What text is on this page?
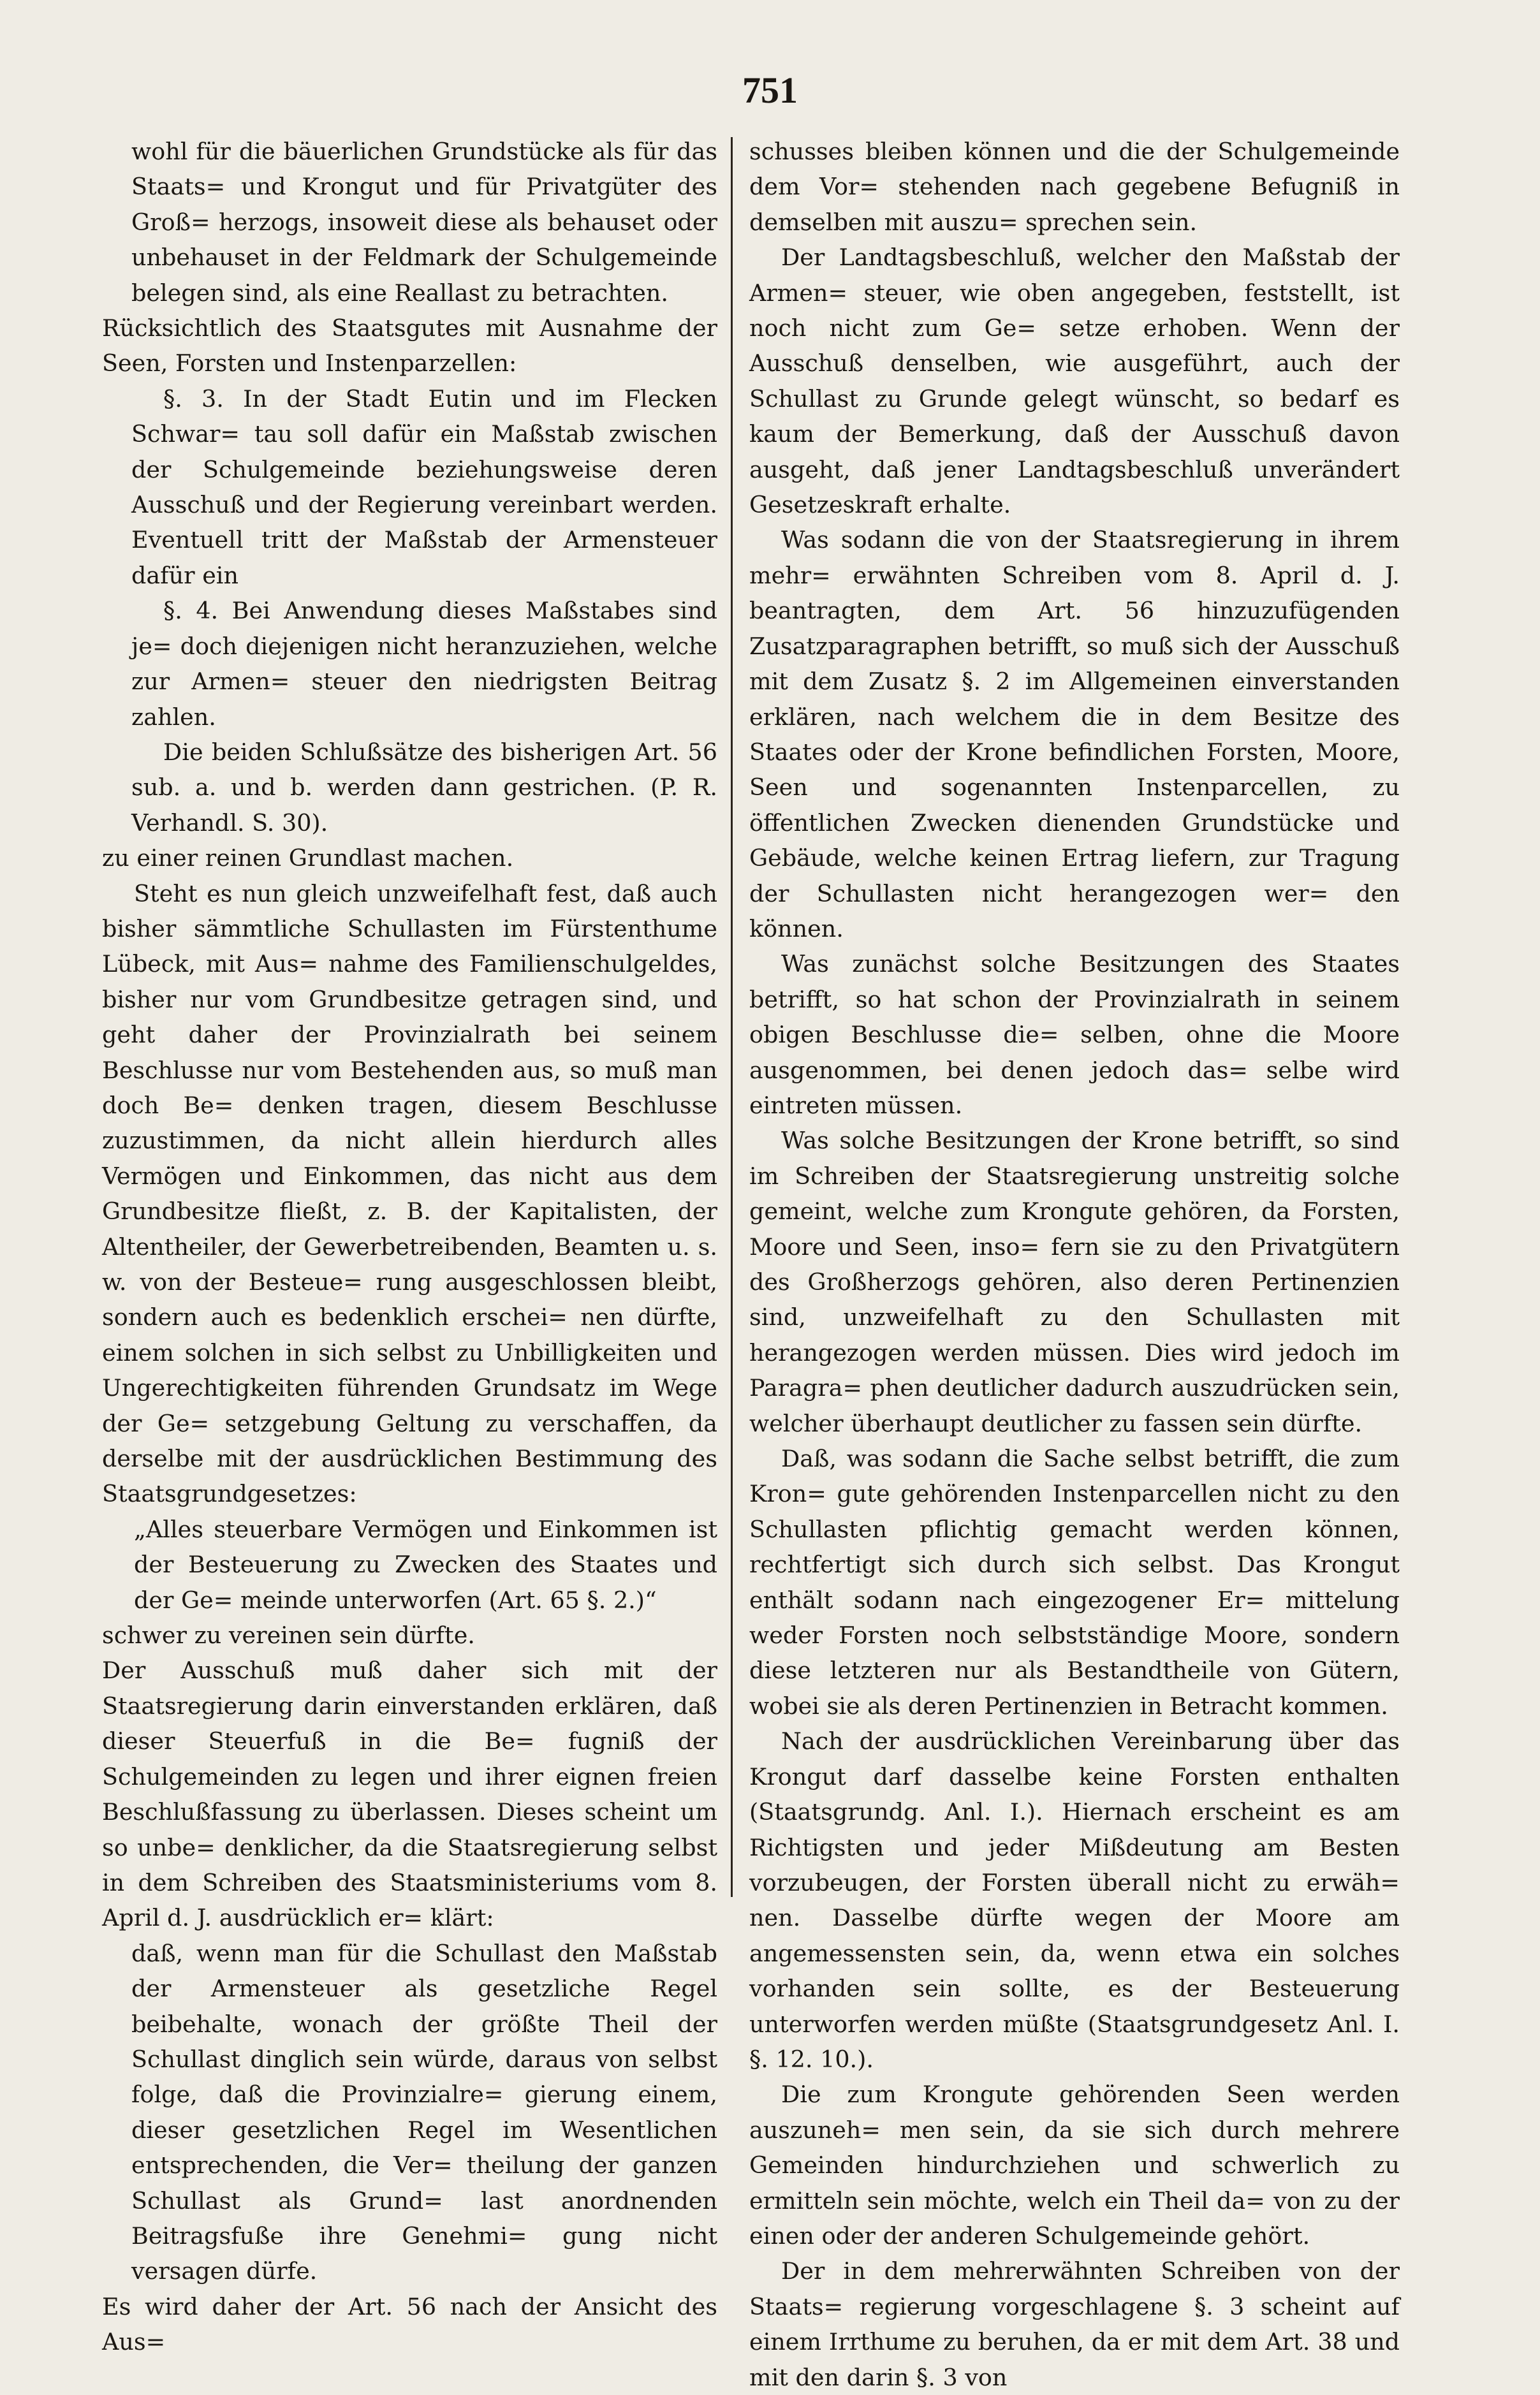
751

wohl für die bäuerlichen Grundstücke als für das Staats= und Krongut und für Privatgüter des Groß= herzogs, insoweit diese als behauset oder unbehauset in der Feldmark der Schulgemeinde belegen sind, als eine Reallast zu betrachten.

Rücksichtlich des Staatsgutes mit Ausnahme der Seen, Forsten und Instenparzellen:

§. 3. In der Stadt Eutin und im Flecken Schwar= tau soll dafür ein Maßstab zwischen der Schulgemeinde beziehungsweise deren Ausschuß und der Regierung vereinbart werden. Eventuell tritt der Maßstab der Armensteuer dafür ein

§. 4. Bei Anwendung dieses Maßstabes sind je= doch diejenigen nicht heranzuziehen, welche zur Armen= steuer den niedrigsten Beitrag zahlen.

Die beiden Schlußsätze des bisherigen Art. 56 sub. a. und b. werden dann gestrichen. (P. R. Verhandl. S. 30).

zu einer reinen Grundlast machen.

Steht es nun gleich unzweifelhaft fest, daß auch bisher sämmtliche Schullasten im Fürstenthume Lübeck, mit Aus= nahme des Familienschulgeldes, bisher nur vom Grundbesitze getragen sind, und geht daher der Provinzialrath bei seinem Beschlusse nur vom Bestehenden aus, so muß man doch Be= denken tragen, diesem Beschlusse zuzustimmen, da nicht allein hierdurch alles Vermögen und Einkommen, das nicht aus dem Grundbesitze fließt, z. B. der Kapitalisten, der Altentheiler, der Gewerbetreibenden, Beamten u. s. w. von der Besteue= rung ausgeschlossen bleibt, sondern auch es bedenklich erschei= nen dürfte, einem solchen in sich selbst zu Unbilligkeiten und Ungerechtigkeiten führenden Grundsatz im Wege der Ge= setzgebung Geltung zu verschaffen, da derselbe mit der ausdrücklichen Bestimmung des Staatsgrundgesetzes:

„Alles steuerbare Vermögen und Einkommen ist der Besteuerung zu Zwecken des Staates und der Ge= meinde unterworfen (Art. 65 §. 2.)“

schwer zu vereinen sein dürfte.

Der Ausschuß muß daher sich mit der Staatsregierung darin einverstanden erklären, daß dieser Steuerfuß in die Be= fugniß der Schulgemeinden zu legen und ihrer eignen freien Beschlußfassung zu überlassen. Dieses scheint um so unbe= denklicher, da die Staatsregierung selbst in dem Schreiben des Staatsministeriums vom 8. April d. J. ausdrücklich er= klärt:

daß, wenn man für die Schullast den Maßstab der Armensteuer als gesetzliche Regel beibehalte, wonach der größte Theil der Schullast dinglich sein würde, daraus von selbst folge, daß die Provinzialre= gierung einem, dieser gesetzlichen Regel im Wesentlichen entsprechenden, die Ver= theilung der ganzen Schullast als Grund= last anordnenden Beitragsfuße ihre Genehmi= gung nicht versagen dürfe.

Es wird daher der Art. 56 nach der Ansicht des Aus=

schusses bleiben können und die der Schulgemeinde dem Vor= stehenden nach gegebene Befugniß in demselben mit auszu= sprechen sein.

Der Landtagsbeschluß, welcher den Maßstab der Armen= steuer, wie oben angegeben, feststellt, ist noch nicht zum Ge= setze erhoben. Wenn der Ausschuß denselben, wie ausgeführt, auch der Schullast zu Grunde gelegt wünscht, so bedarf es kaum der Bemerkung, daß der Ausschuß davon ausgeht, daß jener Landtagsbeschluß unverändert Gesetzeskraft erhalte.

Was sodann die von der Staatsregierung in ihrem mehr= erwähnten Schreiben vom 8. April d. J. beantragten, dem Art. 56 hinzuzufügenden Zusatzparagraphen betrifft, so muß sich der Ausschuß mit dem Zusatz §. 2 im Allgemeinen einverstanden erklären, nach welchem die in dem Besitze des Staates oder der Krone befindlichen Forsten, Moore, Seen und sogenannten Instenparcellen, zu öffentlichen Zwecken dienenden Grundstücke und Gebäude, welche keinen Ertrag liefern, zur Tragung der Schullasten nicht herangezogen wer= den können.

Was zunächst solche Besitzungen des Staates betrifft, so hat schon der Provinzialrath in seinem obigen Beschlusse die= selben, ohne die Moore ausgenommen, bei denen jedoch das= selbe wird eintreten müssen.

Was solche Besitzungen der Krone betrifft, so sind im Schreiben der Staatsregierung unstreitig solche gemeint, welche zum Krongute gehören, da Forsten, Moore und Seen, inso= fern sie zu den Privatgütern des Großherzogs gehören, also deren Pertinenzien sind, unzweifelhaft zu den Schullasten mit herangezogen werden müssen. Dies wird jedoch im Paragra= phen deutlicher dadurch auszudrücken sein, welcher überhaupt deutlicher zu fassen sein dürfte.

Daß, was sodann die Sache selbst betrifft, die zum Kron= gute gehörenden Instenparcellen nicht zu den Schullasten pflichtig gemacht werden können, rechtfertigt sich durch sich selbst. Das Krongut enthält sodann nach eingezogener Er= mittelung weder Forsten noch selbstständige Moore, sondern diese letzteren nur als Bestandtheile von Gütern, wobei sie als deren Pertinenzien in Betracht kommen.

Nach der ausdrücklichen Vereinbarung über das Krongut darf dasselbe keine Forsten enthalten (Staatsgrundg. Anl. I.). Hiernach erscheint es am Richtigsten und jeder Mißdeutung am Besten vorzubeugen, der Forsten überall nicht zu erwäh= nen. Dasselbe dürfte wegen der Moore am angemessensten sein, da, wenn etwa ein solches vorhanden sein sollte, es der Besteuerung unterworfen werden müßte (Staatsgrundgesetz Anl. I. §. 12. 10.).

Die zum Krongute gehörenden Seen werden auszuneh= men sein, da sie sich durch mehrere Gemeinden hindurchziehen und schwerlich zu ermitteln sein möchte, welch ein Theil da= von zu der einen oder der anderen Schulgemeinde gehört.

Der in dem mehrerwähnten Schreiben von der Staats= regierung vorgeschlagene §. 3 scheint auf einem Irrthume zu beruhen, da er mit dem Art. 38 und mit den darin §. 3 von
